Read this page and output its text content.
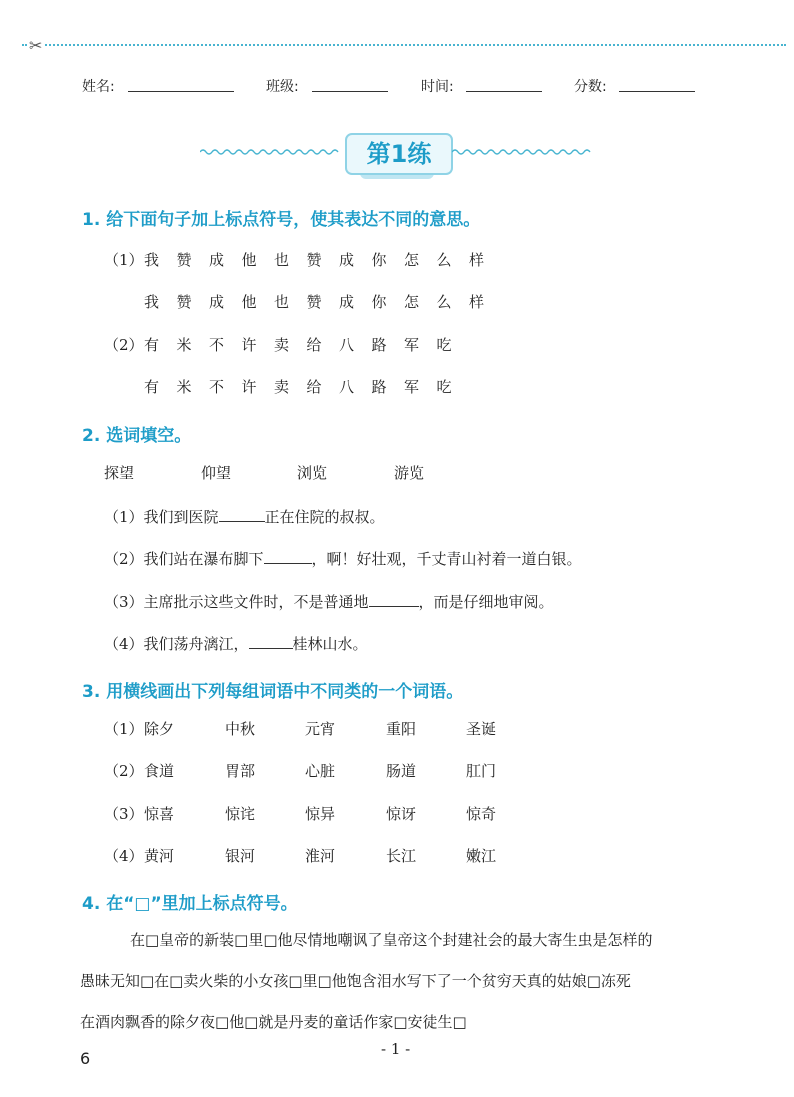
✂
姓名:	班级:	时间:	分数:
第1练
1. 给下面句子加上标点符号，使其表达不同的意思。
（1）我 赞 成 他 也 赞 成 你 怎 么 样
我 赞 成 他 也 赞 成 你 怎 么 样
（2）有 米 不 许 卖 给 八 路 军 吃
有 米 不 许 卖 给 八 路 军 吃
2. 选词填空。
探望	仰望	浏览	游览
（1）我们到医院	正在住院的叔叔。
（2）我们站在瀑布脚下	，啊！好壮观，千丈青山衬着一道白银。
（3）主席批示这些文件时，不是普通地	，而是仔细地审阅。
（4）我们荡舟漓江，	桂林山水。
3. 用横线画出下列每组词语中不同类的一个词语。
（1） 除夕	中秋	元宵	重阳	圣诞
（2） 食道	胃部	心脏	肠道	肛门
（3） 惊喜	惊诧	惊异	惊讶	惊奇
（4） 黄河	银河	淮河	长江	嫩江
4. 在“□”里加上标点符号。
在□皇帝的新装□里□他尽情地嘲讽了皇帝这个封建社会的最大寄生虫是怎样的
愚昧无知□在□卖火柴的小女孩□里□他饱含泪水写下了一个贫穷天真的姑娘□冻死
在酒肉飘香的除夕夜□他□就是丹麦的童话作家□安徒生□
- 1 -
6
